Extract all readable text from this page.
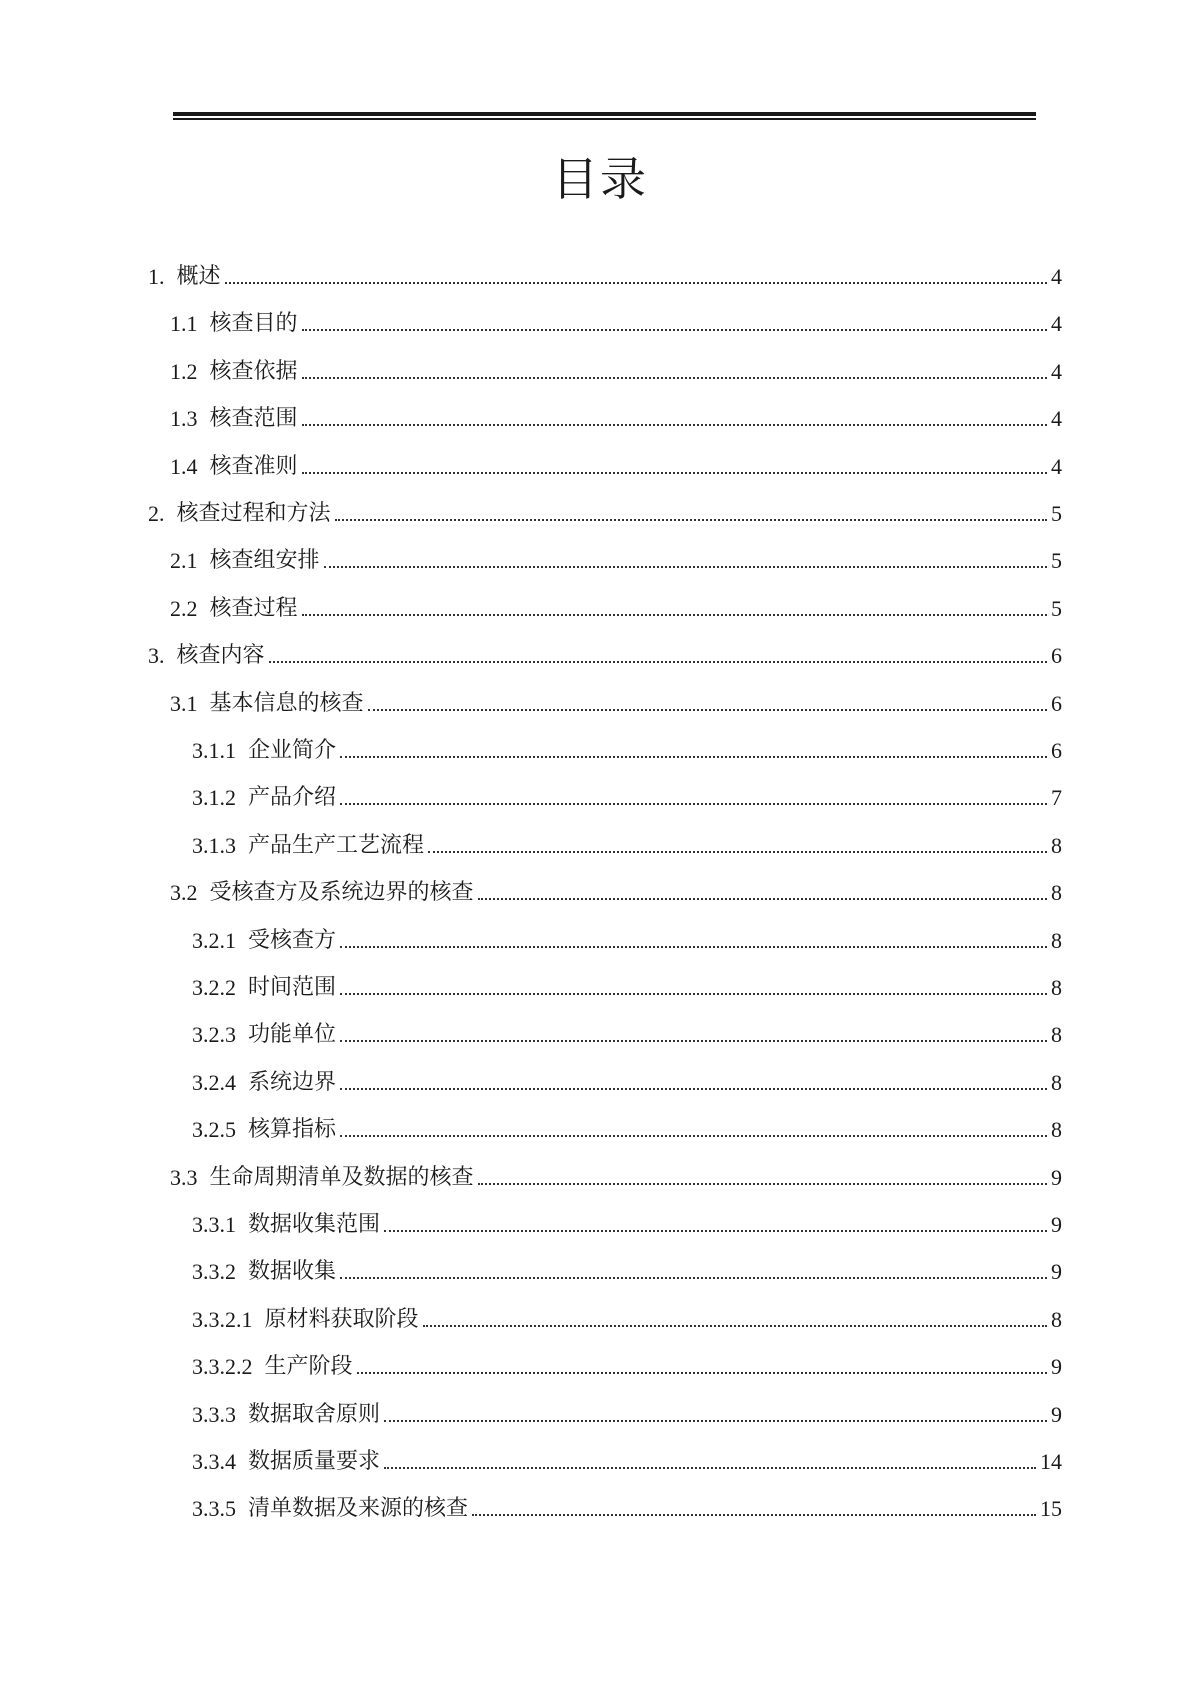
目录
1. 概述	4
1.1 核查目的	4
1.2 核查依据	4
1.3 核查范围	4
1.4 核查准则	4
2. 核查过程和方法	5
2.1 核查组安排	5
2.2 核查过程	5
3. 核查内容	6
3.1 基本信息的核查	6
3.1.1 企业简介	6
3.1.2 产品介绍	7
3.1.3 产品生产工艺流程	8
3.2 受核查方及系统边界的核查	8
3.2.1 受核查方	8
3.2.2 时间范围	8
3.2.3 功能单位	8
3.2.4 系统边界	8
3.2.5 核算指标	8
3.3 生命周期清单及数据的核查	9
3.3.1 数据收集范围	9
3.3.2 数据收集	9
3.3.2.1 原材料获取阶段	8
3.3.2.2 生产阶段	9
3.3.3 数据取舍原则	9
3.3.4 数据质量要求	14
3.3.5 清单数据及来源的核查	15
